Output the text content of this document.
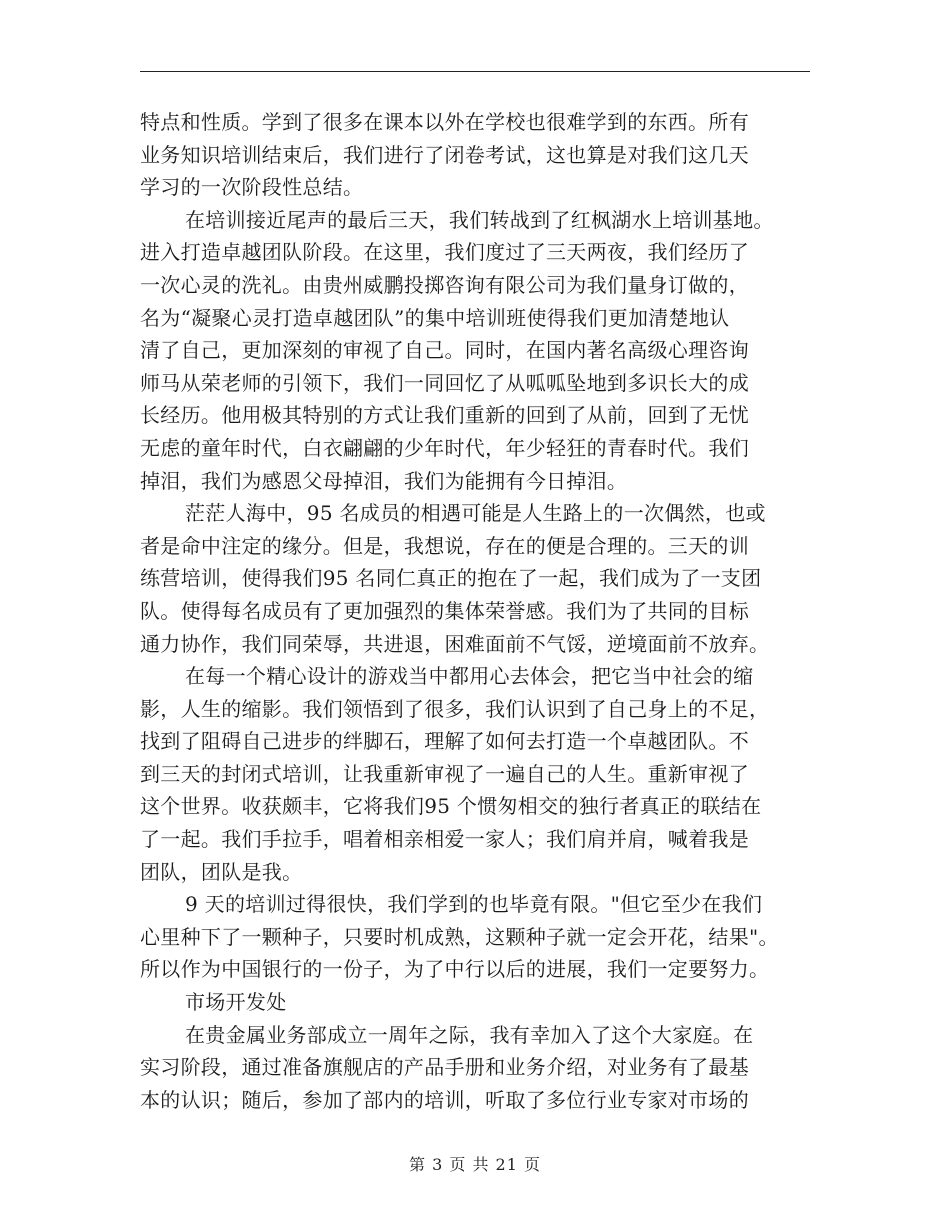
特点和性质。学到了很多在课本以外在学校也很难学到的东西。所有
业务知识培训结束后，我们进行了闭卷考试，这也算是对我们这几天
学习的一次阶段性总结。
在培训接近尾声的最后三天，我们转战到了红枫湖水上培训基地。
进入打造卓越团队阶段。在这里，我们度过了三天两夜，我们经历了
一次心灵的洗礼。由贵州威鹏投掷咨询有限公司为我们量身订做的，
名为“凝聚心灵打造卓越团队”的集中培训班使得我们更加清楚地认
清了自己，更加深刻的审视了自己。同时，在国内著名高级心理咨询
师马从荣老师的引领下，我们一同回忆了从呱呱坠地到多识长大的成
长经历。他用极其特别的方式让我们重新的回到了从前，回到了无忧
无虑的童年时代，白衣翩翩的少年时代，年少轻狂的青春时代。我们
掉泪，我们为感恩父母掉泪，我们为能拥有今日掉泪。
茫茫人海中，95 名成员的相遇可能是人生路上的一次偶然，也或
者是命中注定的缘分。但是，我想说，存在的便是合理的。三天的训
练营培训，使得我们95 名同仁真正的抱在了一起，我们成为了一支团
队。使得每名成员有了更加强烈的集体荣誉感。我们为了共同的目标
通力协作，我们同荣辱，共进退，困难面前不气馁，逆境面前不放弃。
在每一个精心设计的游戏当中都用心去体会，把它当中社会的缩
影，人生的缩影。我们领悟到了很多，我们认识到了自己身上的不足，
找到了阻碍自己进步的绊脚石，理解了如何去打造一个卓越团队。不
到三天的封闭式培训，让我重新审视了一遍自己的人生。重新审视了
这个世界。收获颇丰，它将我们95 个惯匆相交的独行者真正的联结在
了一起。我们手拉手，唱着相亲相爱一家人；我们肩并肩，喊着我是
团队，团队是我。
9 天的培训过得很快，我们学到的也毕竟有限。"但它至少在我们
心里种下了一颗种子，只要时机成熟，这颗种子就一定会开花，结果"。
所以作为中国银行的一份子，为了中行以后的进展，我们一定要努力。
市场开发处
在贵金属业务部成立一周年之际，我有幸加入了这个大家庭。在
实习阶段，通过准备旗舰店的产品手册和业务介绍，对业务有了最基
本的认识；随后，参加了部内的培训，听取了多位行业专家对市场的
第 3 页 共 21 页
